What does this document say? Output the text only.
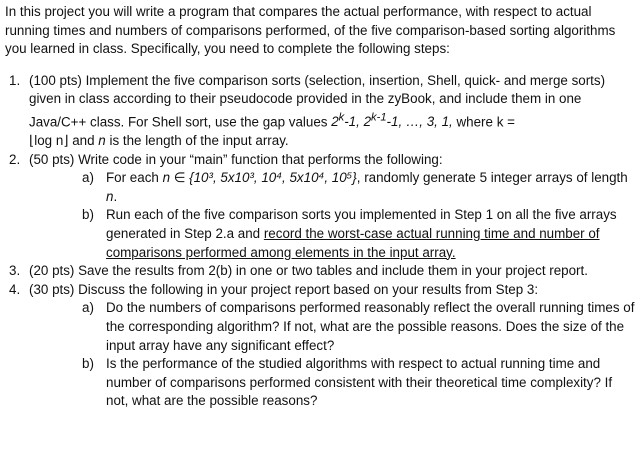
In this project you will write a program that compares the actual performance, with respect to actual running times and numbers of comparisons performed, of the five comparison-based sorting algorithms you learned in class. Specifically, you need to complete the following steps:

1. (100 pts) Implement the five comparison sorts (selection, insertion, Shell, quick- and merge sorts) given in class according to their pseudocode provided in the zyBook, and include them in one Java/C++ class. For Shell sort, use the gap values 2$^k$-1, 2$^{k-1}$-1, …, 3, 1, where k =
⌊log n⌋ and n is the length of the input array.
2. (50 pts) Write code in your “main” function that performs the following:
a) For each n ∈ {10³, 5x10³, 10⁴, 5x10⁴, 10⁵}, randomly generate 5 integer arrays of length n.
b) Run each of the five comparison sorts you implemented in Step 1 on all the five arrays generated in Step 2.a and record the worst-case actual running time and number of comparisons performed among elements in the input array.
3. (20 pts) Save the results from 2(b) in one or two tables and include them in your project report.
4. (30 pts) Discuss the following in your project report based on your results from Step 3:
a) Do the numbers of comparisons performed reasonably reflect the overall running times of the corresponding algorithm? If not, what are the possible reasons. Does the size of the input array have any significant effect?
b) Is the performance of the studied algorithms with respect to actual running time and number of comparisons performed consistent with their theoretical time complexity? If not, what are the possible reasons?
